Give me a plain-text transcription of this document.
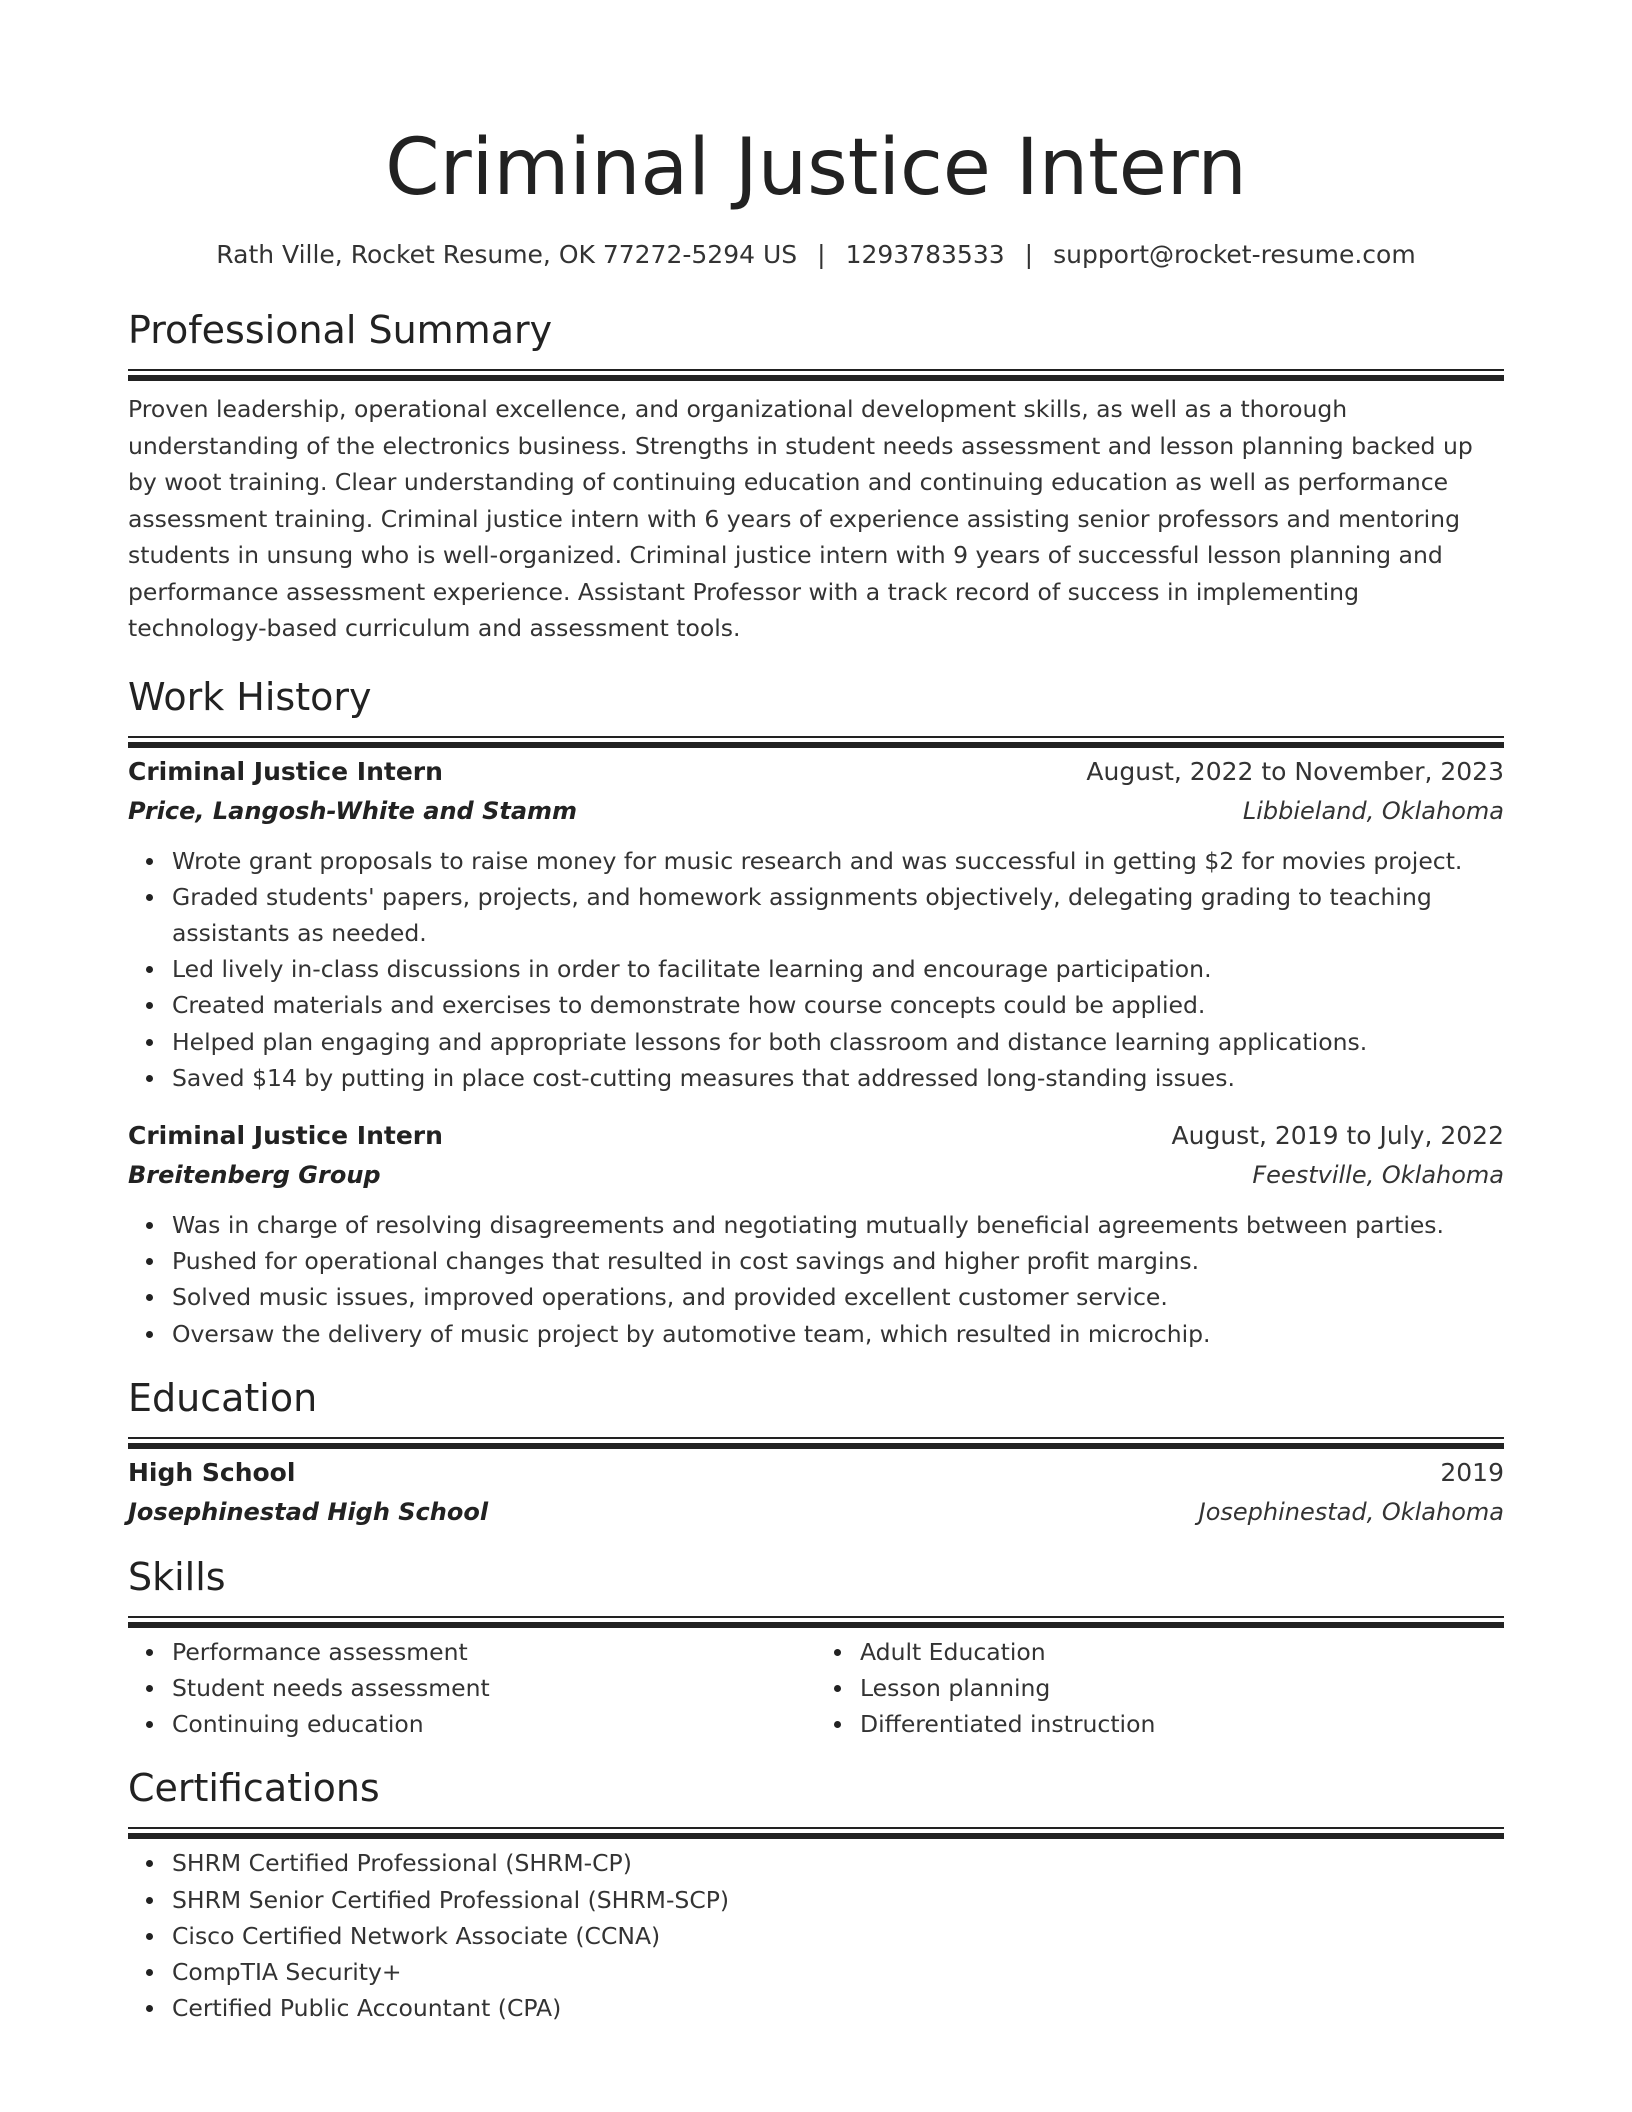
Criminal Justice Intern
Rath Ville, Rocket Resume, OK 77272-5294 US | 1293783533 | support@rocket-resume.com
Professional Summary
Proven leadership, operational excellence, and organizational development skills, as well as a thorough understanding of the electronics business. Strengths in student needs assessment and lesson planning backed up by woot training. Clear understanding of continuing education and continuing education as well as performance assessment training. Criminal justice intern with 6 years of experience assisting senior professors and mentoring students in unsung who is well-organized. Criminal justice intern with 9 years of successful lesson planning and performance assessment experience. Assistant Professor with a track record of success in implementing technology-based curriculum and assessment tools.
Work History
Criminal Justice Intern	August, 2022 to November, 2023
Price, Langosh-White and Stamm	Libbieland, Oklahoma
Wrote grant proposals to raise money for music research and was successful in getting $2 for movies project.
Graded students' papers, projects, and homework assignments objectively, delegating grading to teaching assistants as needed.
Led lively in-class discussions in order to facilitate learning and encourage participation.
Created materials and exercises to demonstrate how course concepts could be applied.
Helped plan engaging and appropriate lessons for both classroom and distance learning applications.
Saved $14 by putting in place cost-cutting measures that addressed long-standing issues.
Criminal Justice Intern	August, 2019 to July, 2022
Breitenberg Group	Feestville, Oklahoma
Was in charge of resolving disagreements and negotiating mutually beneficial agreements between parties.
Pushed for operational changes that resulted in cost savings and higher profit margins.
Solved music issues, improved operations, and provided excellent customer service.
Oversaw the delivery of music project by automotive team, which resulted in microchip.
Education
High School	2019
Josephinestad High School	Josephinestad, Oklahoma
Skills
Performance assessment
Student needs assessment
Continuing education
Adult Education
Lesson planning
Differentiated instruction
Certifications
SHRM Certified Professional (SHRM-CP)
SHRM Senior Certified Professional (SHRM-SCP)
Cisco Certified Network Associate (CCNA)
CompTIA Security+
Certified Public Accountant (CPA)
